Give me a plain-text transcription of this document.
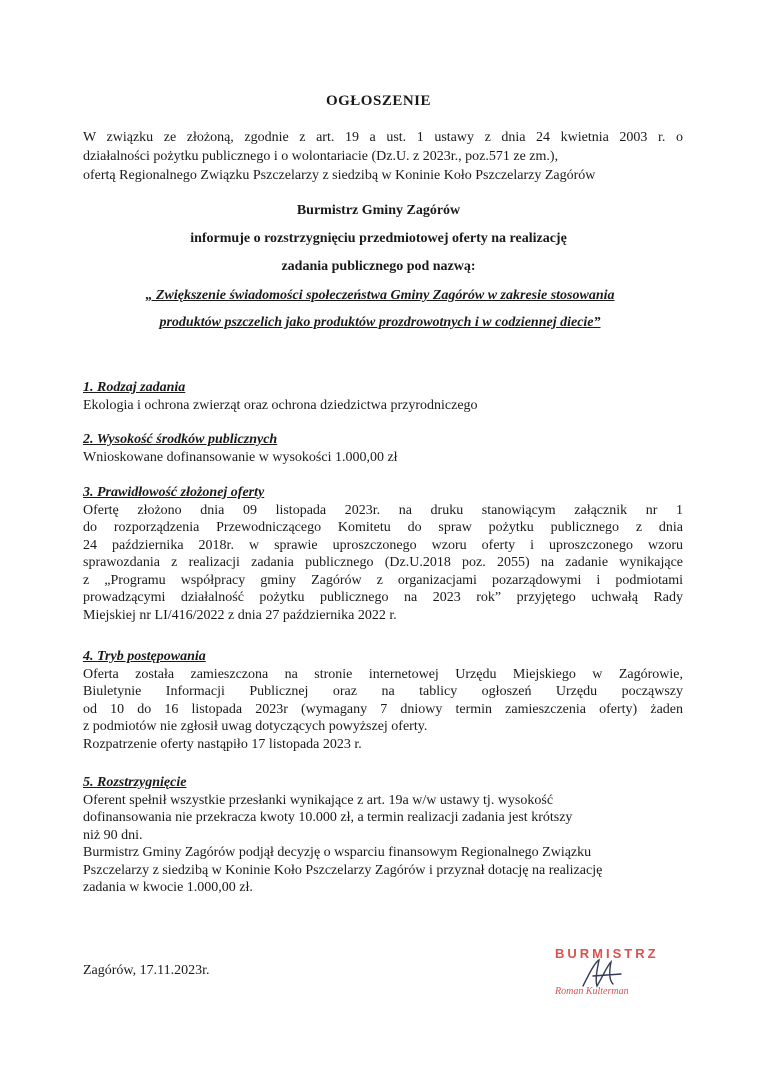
OGŁOSZENIE
W związku ze złożoną, zgodnie z art. 19 a ust. 1 ustawy z dnia 24 kwietnia 2003 r. o
działalności pożytku publicznego i o wolontariacie (Dz.U. z 2023r., poz.571 ze zm.),
ofertą Regionalnego Związku Pszczelarzy z siedzibą w Koninie Koło Pszczelarzy Zagórów
Burmistrz Gminy Zagórów
informuje o rozstrzygnięciu przedmiotowej oferty na realizację
zadania publicznego pod nazwą:
„ Zwiększenie świadomości społeczeństwa Gminy Zagórów w zakresie stosowania
produktów pszczelich jako produktów prozdrowotnych i w codziennej diecie”
1. Rodzaj zadania
Ekologia i ochrona zwierząt oraz ochrona dziedzictwa przyrodniczego
2. Wysokość środków publicznych
Wnioskowane dofinansowanie w wysokości 1.000,00 zł
3. Prawidłowość złożonej oferty
Ofertę złożono dnia 09 listopada 2023r. na druku stanowiącym załącznik nr 1
do rozporządzenia Przewodniczącego Komitetu do spraw pożytku publicznego z dnia
24 października 2018r. w sprawie uproszczonego wzoru oferty i uproszczonego wzoru
sprawozdania z realizacji zadania publicznego (Dz.U.2018 poz. 2055) na zadanie wynikające
z „Programu współpracy gminy Zagórów z organizacjami pozarządowymi i podmiotami
prowadzącymi działalność pożytku publicznego na 2023 rok” przyjętego uchwałą Rady
Miejskiej nr LI/416/2022 z dnia 27 października 2022 r.
4. Tryb postępowania
Oferta została zamieszczona na stronie internetowej Urzędu Miejskiego w Zagórowie,
Biuletynie Informacji Publicznej oraz na tablicy ogłoszeń Urzędu począwszy
od 10 do 16 listopada 2023r (wymagany 7 dniowy termin zamieszczenia oferty) żaden
z podmiotów nie zgłosił uwag dotyczących powyższej oferty.
Rozpatrzenie oferty nastąpiło 17 listopada 2023 r.
5. Rozstrzygnięcie
Oferent spełnił wszystkie przesłanki wynikające z art. 19a w/w ustawy tj. wysokość
dofinansowania nie przekracza kwoty 10.000 zł, a termin realizacji zadania jest krótszy
niż 90 dni.
Burmistrz Gminy Zagórów podjął decyzję o wsparciu finansowym Regionalnego Związku
Pszczelarzy z siedzibą w Koninie Koło Pszczelarzy Zagórów i przyznał dotację na realizację
zadania w kwocie 1.000,00 zł.
Zagórów, 17.11.2023r.
BURMISTRZ
Roman Kulterman
